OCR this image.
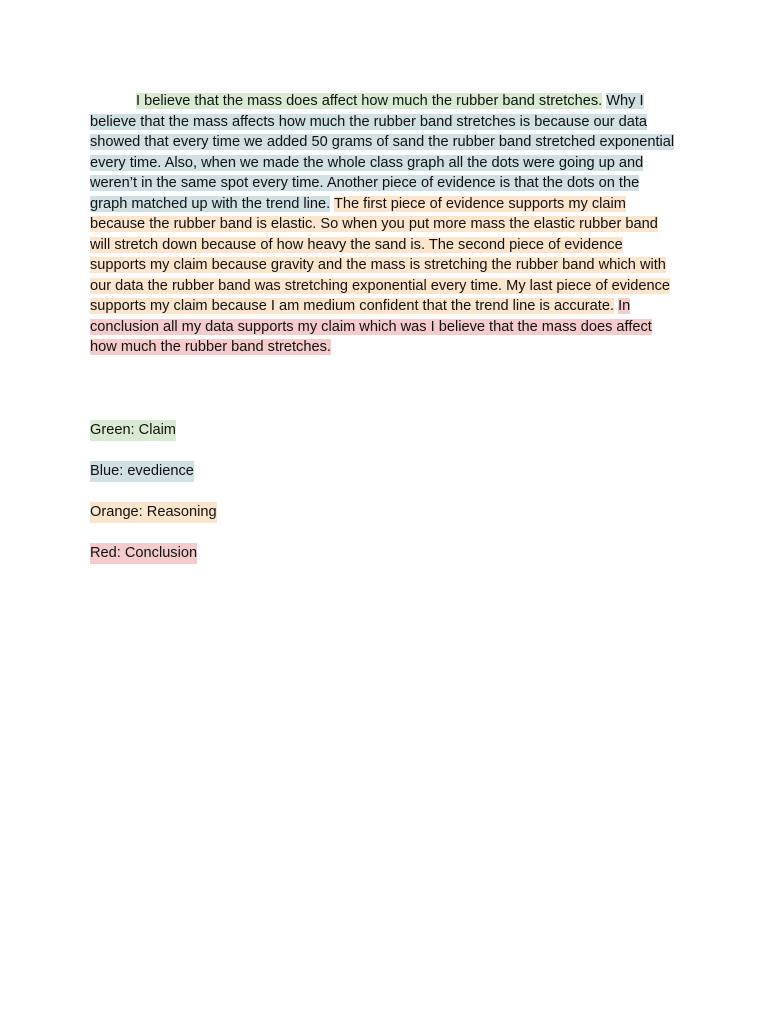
I believe that the mass does affect how much the rubber band stretches. Why I believe that the mass affects how much the rubber band stretches is because our data showed that every time we added 50 grams of sand the rubber band stretched exponential every time. Also, when we made the whole class graph all the dots were going up and weren’t in the same spot every time. Another piece of evidence is that the dots on the graph matched up with the trend line. The first piece of evidence supports my claim because the rubber band is elastic. So when you put more mass the elastic rubber band will stretch down because of how heavy the sand is. The second piece of evidence supports my claim because gravity and the mass is stretching the rubber band which with our data the rubber band was stretching exponential every time. My last piece of evidence supports my claim because I am medium confident that the trend line is accurate. In conclusion all my data supports my claim which was I believe that the mass does affect how much the rubber band stretches.

Green: Claim
Blue: evedience
Orange: Reasoning
Red: Conclusion
